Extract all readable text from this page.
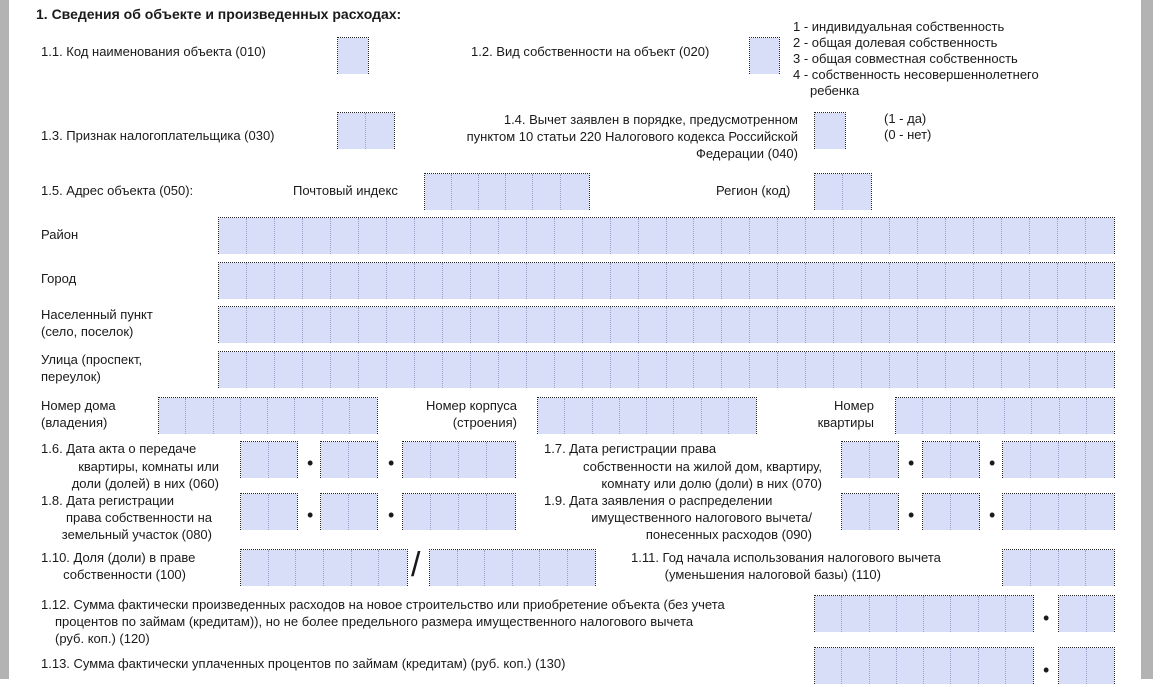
1. Сведения об объекте и произведенных расходах:
1 - индивидуальная собственность
2 - общая долевая собственность
3 - общая совместная собственность
4 - собственность несовершеннолетнего
ребенка
1.1. Код наименования объекта (010)	1.2. Вид собственности на объект (020)
1.3. Признак налогоплательщика (030)
1.4. Вычет заявлен в порядке, предусмотренном
пунктом 10 статьи 220 Налогового кодекса Российской
Федерации (040)
(1 - да)
(0 - нет)
1.5. Адрес объекта (050):	Почтовый индекс	Регион (код)
Район
Город
Населенный пункт
(село, поселок)
Улица (проспект,
переулок)
Номер дома
(владения)
Номер корпуса
(строения)
Номер
квартиры
1.6. Дата акта о передаче
квартиры, комнаты или
доли (долей) в них (060)
•	•
1.7. Дата регистрации права
собственности на жилой дом, квартиру,
комнату или долю (доли) в них (070)
•	•
1.8. Дата регистрации
права собственности на
земельный участок (080)
•	•
1.9. Дата заявления о распределении
имущественного налогового вычета/
понесенных расходов (090)
•	•
1.10. Доля (доли) в праве
собственности (100)	/	1.11. Год начала использования налогового вычета
(уменьшения налоговой базы) (110)
1.12. Сумма фактически произведенных расходов на новое строительство или приобретение объекта (без учета
процентов по займам (кредитам)), но не более предельного размера имущественного налогового вычета
(руб. коп.) (120)
•
1.13. Сумма фактически уплаченных процентов по займам (кредитам) (руб. коп.) (130)	•
